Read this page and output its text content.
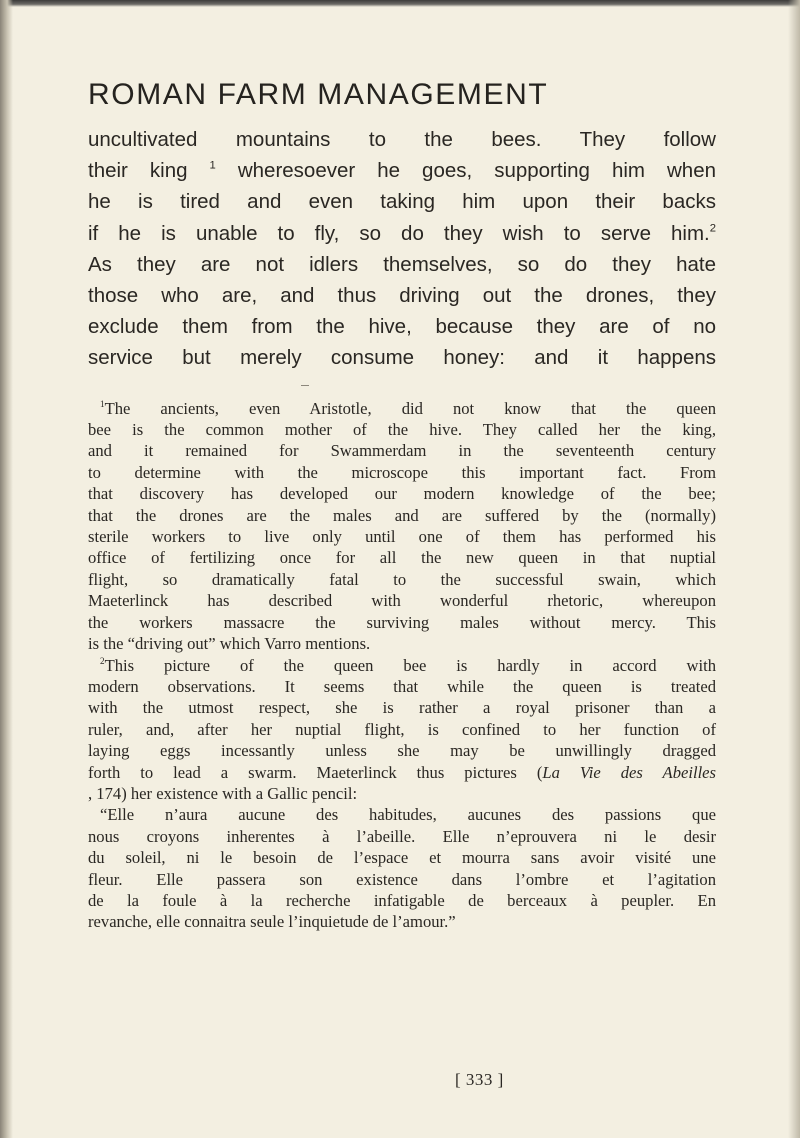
ROMAN FARM MANAGEMENT
uncultivated mountains to the bees. They follow
their king $^1$ wheresoever he goes, supporting him when
he is tired and even taking him upon their backs
if he is unable to fly, so do they wish to serve him.$^2$
As they are not idlers themselves, so do they hate
those who are, and thus driving out the drones, they
exclude them from the hive, because they are of no
service but merely consume honey: and it happens

$^1$The ancients, even Aristotle, did not know that the queen
bee is the common mother of the hive. They called her the king,
and it remained for Swammerdam in the seventeenth century
to determine with the microscope this important fact. From
that discovery has developed our modern knowledge of the bee;
that the drones are the males and are suffered by the (normally)
sterile workers to live only until one of them has performed his
office of fertilizing once for all the new queen in that nuptial
flight, so dramatically fatal to the successful swain, which
Maeterlinck has described with wonderful rhetoric, whereupon
the workers massacre the surviving males without mercy. This
is the “driving out” which Varro mentions.

$^2$This picture of the queen bee is hardly in accord with
modern observations. It seems that while the queen is treated
with the utmost respect, she is rather a royal prisoner than a
ruler, and, after her nuptial flight, is confined to her function of
laying eggs incessantly unless she may be unwillingly dragged
forth to lead a swarm. Maeterlinck thus pictures (La Vie des Abeilles
, 174) her existence with a Gallic pencil:
“Elle n’aura aucune des habitudes, aucunes des passions que
nous croyons inherentes à l’abeille. Elle n’eprouvera ni le desir
du soleil, ni le besoin de l’espace et mourra sans avoir visité une
fleur. Elle passera son existence dans l’ombre et l’agitation
de la foule à la recherche infatigable de berceaux à peupler. En
revanche, elle connaitra seule l’inquietude de l’amour.”

[ 333 ]
